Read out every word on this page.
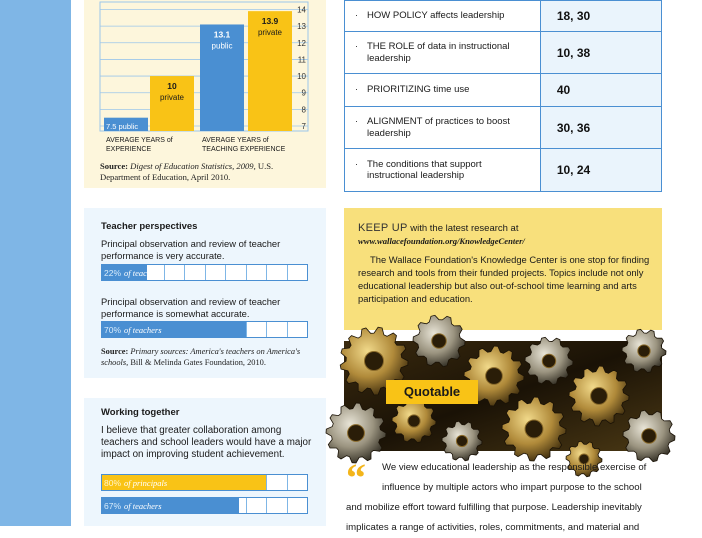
7
8
9
10
11
12
13
14
7.5 public
10
private
AVERAGE YEARS of
EXPERIENCE
13.1
public
13.9
private
AVERAGE YEARS of
TEACHING EXPERIENCE
Source: Digest of Education Statistics, 2009, U.S. Department of Education, April 2010.
Teacher perspectives
Principal observation and review of teacher performance is very accurate.
22% of teachers
Principal observation and review of teacher performance is somewhat accurate.
70% of teachers
Source: Primary sources: America's teachers on America's schools, Bill & Melinda Gates Foundation, 2010.
Working together
I believe that greater collaboration among teachers and school leaders would have a major impact on improving student achievement.
80% of principals
67% of teachers
· HOW POLICY affects leadership	18, 30
· THE ROLE of data in instructional leadership	10, 38
· PRIORITIZING time use	40
· ALIGNMENT of practices to boost leadership	30, 36
· The conditions that support instructional leadership	10, 24
KEEP UP with the latest research at
www.wallacefoundation.org/KnowledgeCenter/
The Wallace Foundation's Knowledge Center is one stop for finding research and tools from their funded projects. Topics include not only educational leadership but also out-of-school time learning and arts participation and education.
Quotable
“	We view educational leadership as the responsible exercise of
influence by multiple actors who impart purpose to the school
and mobilize effort toward fulfilling that purpose. Leadership inevitably
implicates a range of activities, roles, commitments, and material and
